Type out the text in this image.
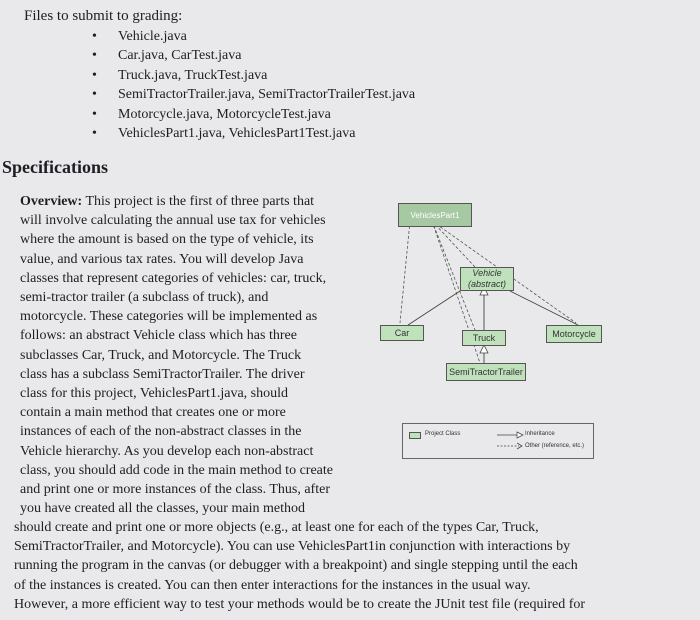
Files to submit to grading:
• Vehicle.java
• Car.java, CarTest.java
• Truck.java, TruckTest.java
• SemiTractorTrailer.java, SemiTractorTrailerTest.java
• Motorcycle.java, MotorcycleTest.java
• VehiclesPart1.java, VehiclesPart1Test.java
Specifications
Overview: This project is the first of three parts that
will involve calculating the annual use tax for vehicles
where the amount is based on the type of vehicle, its
value, and various tax rates. You will develop Java
classes that represent categories of vehicles: car, truck,
semi-tractor trailer (a subclass of truck), and
motorcycle. These categories will be implemented as
follows: an abstract Vehicle class which has three
subclasses Car, Truck, and Motorcycle. The Truck
class has a subclass SemiTractorTrailer. The driver
class for this project, VehiclesPart1.java, should
contain a main method that creates one or more
instances of each of the non-abstract classes in the
Vehicle hierarchy. As you develop each non-abstract
class, you should add code in the main method to create
and print one or more instances of the class. Thus, after
you have created all the classes, your main method
should create and print one or more objects (e.g., at least one for each of the types Car, Truck,
SemiTractorTrailer, and Motorcycle). You can use VehiclesPart1in conjunction with interactions by
running the program in the canvas (or debugger with a breakpoint) and single stepping until the each
of the instances is created. You can then enter interactions for the instances in the usual way.
However, a more efficient way to test your methods would be to create the JUnit test file (required for
VehiclesPart1
Vehicle
(abstract)
Car	Truck	Motorcycle
SemiTractorTrailer
Project Class	Inheritance
Other (reference, etc.)
